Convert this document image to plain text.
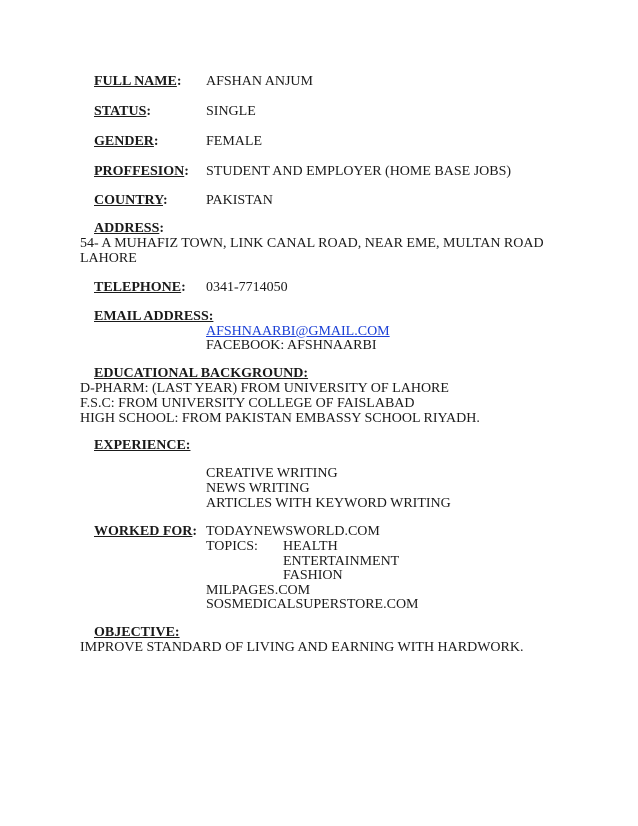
FULL NAME: AFSHAN ANJUM
STATUS:	SINGLE
GENDER:	FEMALE
PROFFESION: STUDENT AND EMPLOYER (HOME BASE JOBS)
COUNTRY:	PAKISTAN
ADDRESS:
54- A MUHAFIZ TOWN, LINK CANAL ROAD, NEAR EME, MULTAN ROAD
LAHORE
TELEPHONE: 0341-7714050
EMAIL ADDRESS:
AFSHNAARBI@GMAIL.COM
FACEBOOK: AFSHNAARBI
EDUCATIONAL BACKGROUND:
D-PHARM: (LAST YEAR) FROM UNIVERSITY OF LAHORE
F.S.C: FROM UNIVERSITY COLLEGE OF FAISLABAD
HIGH SCHOOL: FROM PAKISTAN EMBASSY SCHOOL RIYADH.
EXPERIENCE:
CREATIVE WRITING
NEWS WRITING
ARTICLES WITH KEYWORD WRITING
WORKED FOR: TODAYNEWSWORLD.COM
TOPICS: HEALTH
ENTERTAINMENT
FASHION
MILPAGES.COM
SOSMEDICALSUPERSTORE.COM
OBJECTIVE:
IMPROVE STANDARD OF LIVING AND EARNING WITH HARDWORK.
